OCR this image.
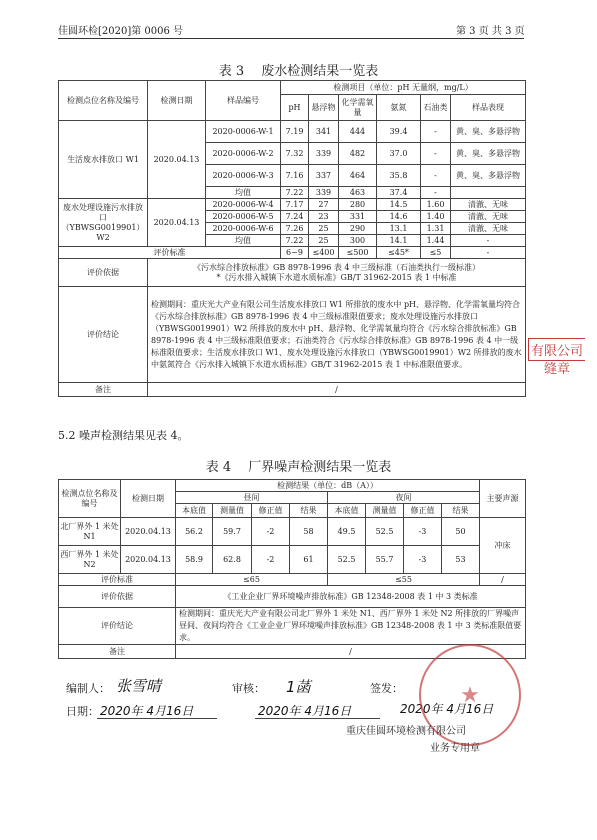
佳圆环检[2020]第 0006 号	第 3 页 共 3 页
表 3　 废水检测结果一览表
检测点位名称及编号	检测日期	样品编号	检测项目（单位：pH 无量纲，mg/L）					
			pH	悬浮物	化学需氧量	氨氮	石油类	样品表现
生活废水排放口 W1	2020.04.13	2020-0006-W-1	7.19	341	444	39.4	-	黄、臭、多悬浮物
		2020-0006-W-2	7.32	339	482	37.0	-	黄、臭、多悬浮物
		2020-0006-W-3	7.16	337	464	35.8	-	黄、臭、多悬浮物
		均值	7.22	339	463	37.4	-	
废水处理设施污水排放口（YBWSG0019901）W2	2020.04.13	2020-0006-W-4	7.17	27	280	14.5	1.60	清澈、无味
		2020-0006-W-5	7.24	23	331	14.6	1.40	清澈、无味
		2020-0006-W-6	7.26	25	290	13.1	1.31	清澈、无味
		均值	7.22	25	300	14.1	1.44	-
评价标准			6~9	≤400	≤500	≤45*	≤5	-
评价依据	《污水综合排放标准》GB 8978-1996 表 4 中三级标准（石油类执行一级标准）
*《污水排入城镇下水道水质标准》GB/T 31962-2015 表 1 中标准							

评价结论	检测期间：重庆光大产业有限公司生活废水排放口 W1 所排放的废水中 pH、悬浮物、化学需氧量均符合《污水综合排放标准》GB 8978-1996 表 4 中三级标准限值要求；废水处理设施污水排放口（YBWSG0019901）W2 所排放的废水中 pH、悬浮物、化学需氧量均符合《污水综合排放标准》GB 8978-1996 表 4 中三级标准限值要求；石油类符合《污水综合排放标准》GB 8978-1996 表 4 中一级标准限值要求；生活废水排放口 W1、废水处理设施污水排放口（YBWSG0019901）W2 所排放的废水中氨氮符合《污水排入城镇下水道水质标准》GB/T 31962-2015 表 1 中标准限值要求。							
备注	/							
有限公司
缝章
5.2 噪声检测结果见表 4。
表 4　 厂界噪声检测结果一览表
检测点位名称及编号	检测日期	检测结果（单位：dB（A））								主要声源
		昼间				夜间				
		本底值	测量值	修正值	结果	本底值	测量值	修正值	结果	
北厂界外 1 米处 N1	2020.04.13	56.2	59.7	-2	58	49.5	52.5	-3	50	冲床
西厂界外 1 米处 N2	2020.04.13	58.9	62.8	-2	61	52.5	55.7	-3	53	
评价标准		≤65				≤55				/
评价依据		《工业企业厂界环境噪声排放标准》GB 12348-2008 表 1 中 3 类标准								
评价结论		检测期间：重庆光大产业有限公司北厂界外 1 米处 N1、西厂界外 1 米处 N2 所排放的厂界噪声昼间、夜间均符合《工业企业厂界环境噪声排放标准》GB 12348-2008 表 1 中 3 类标准限值要求。								
备注		/								
编制人： 张雪晴	审核： 1菡	签发：
日期： 2020年 4月16日	2020年 4月16日	2020年 4月16日
★
重庆佳圆环境检测有限公司
业务专用章
